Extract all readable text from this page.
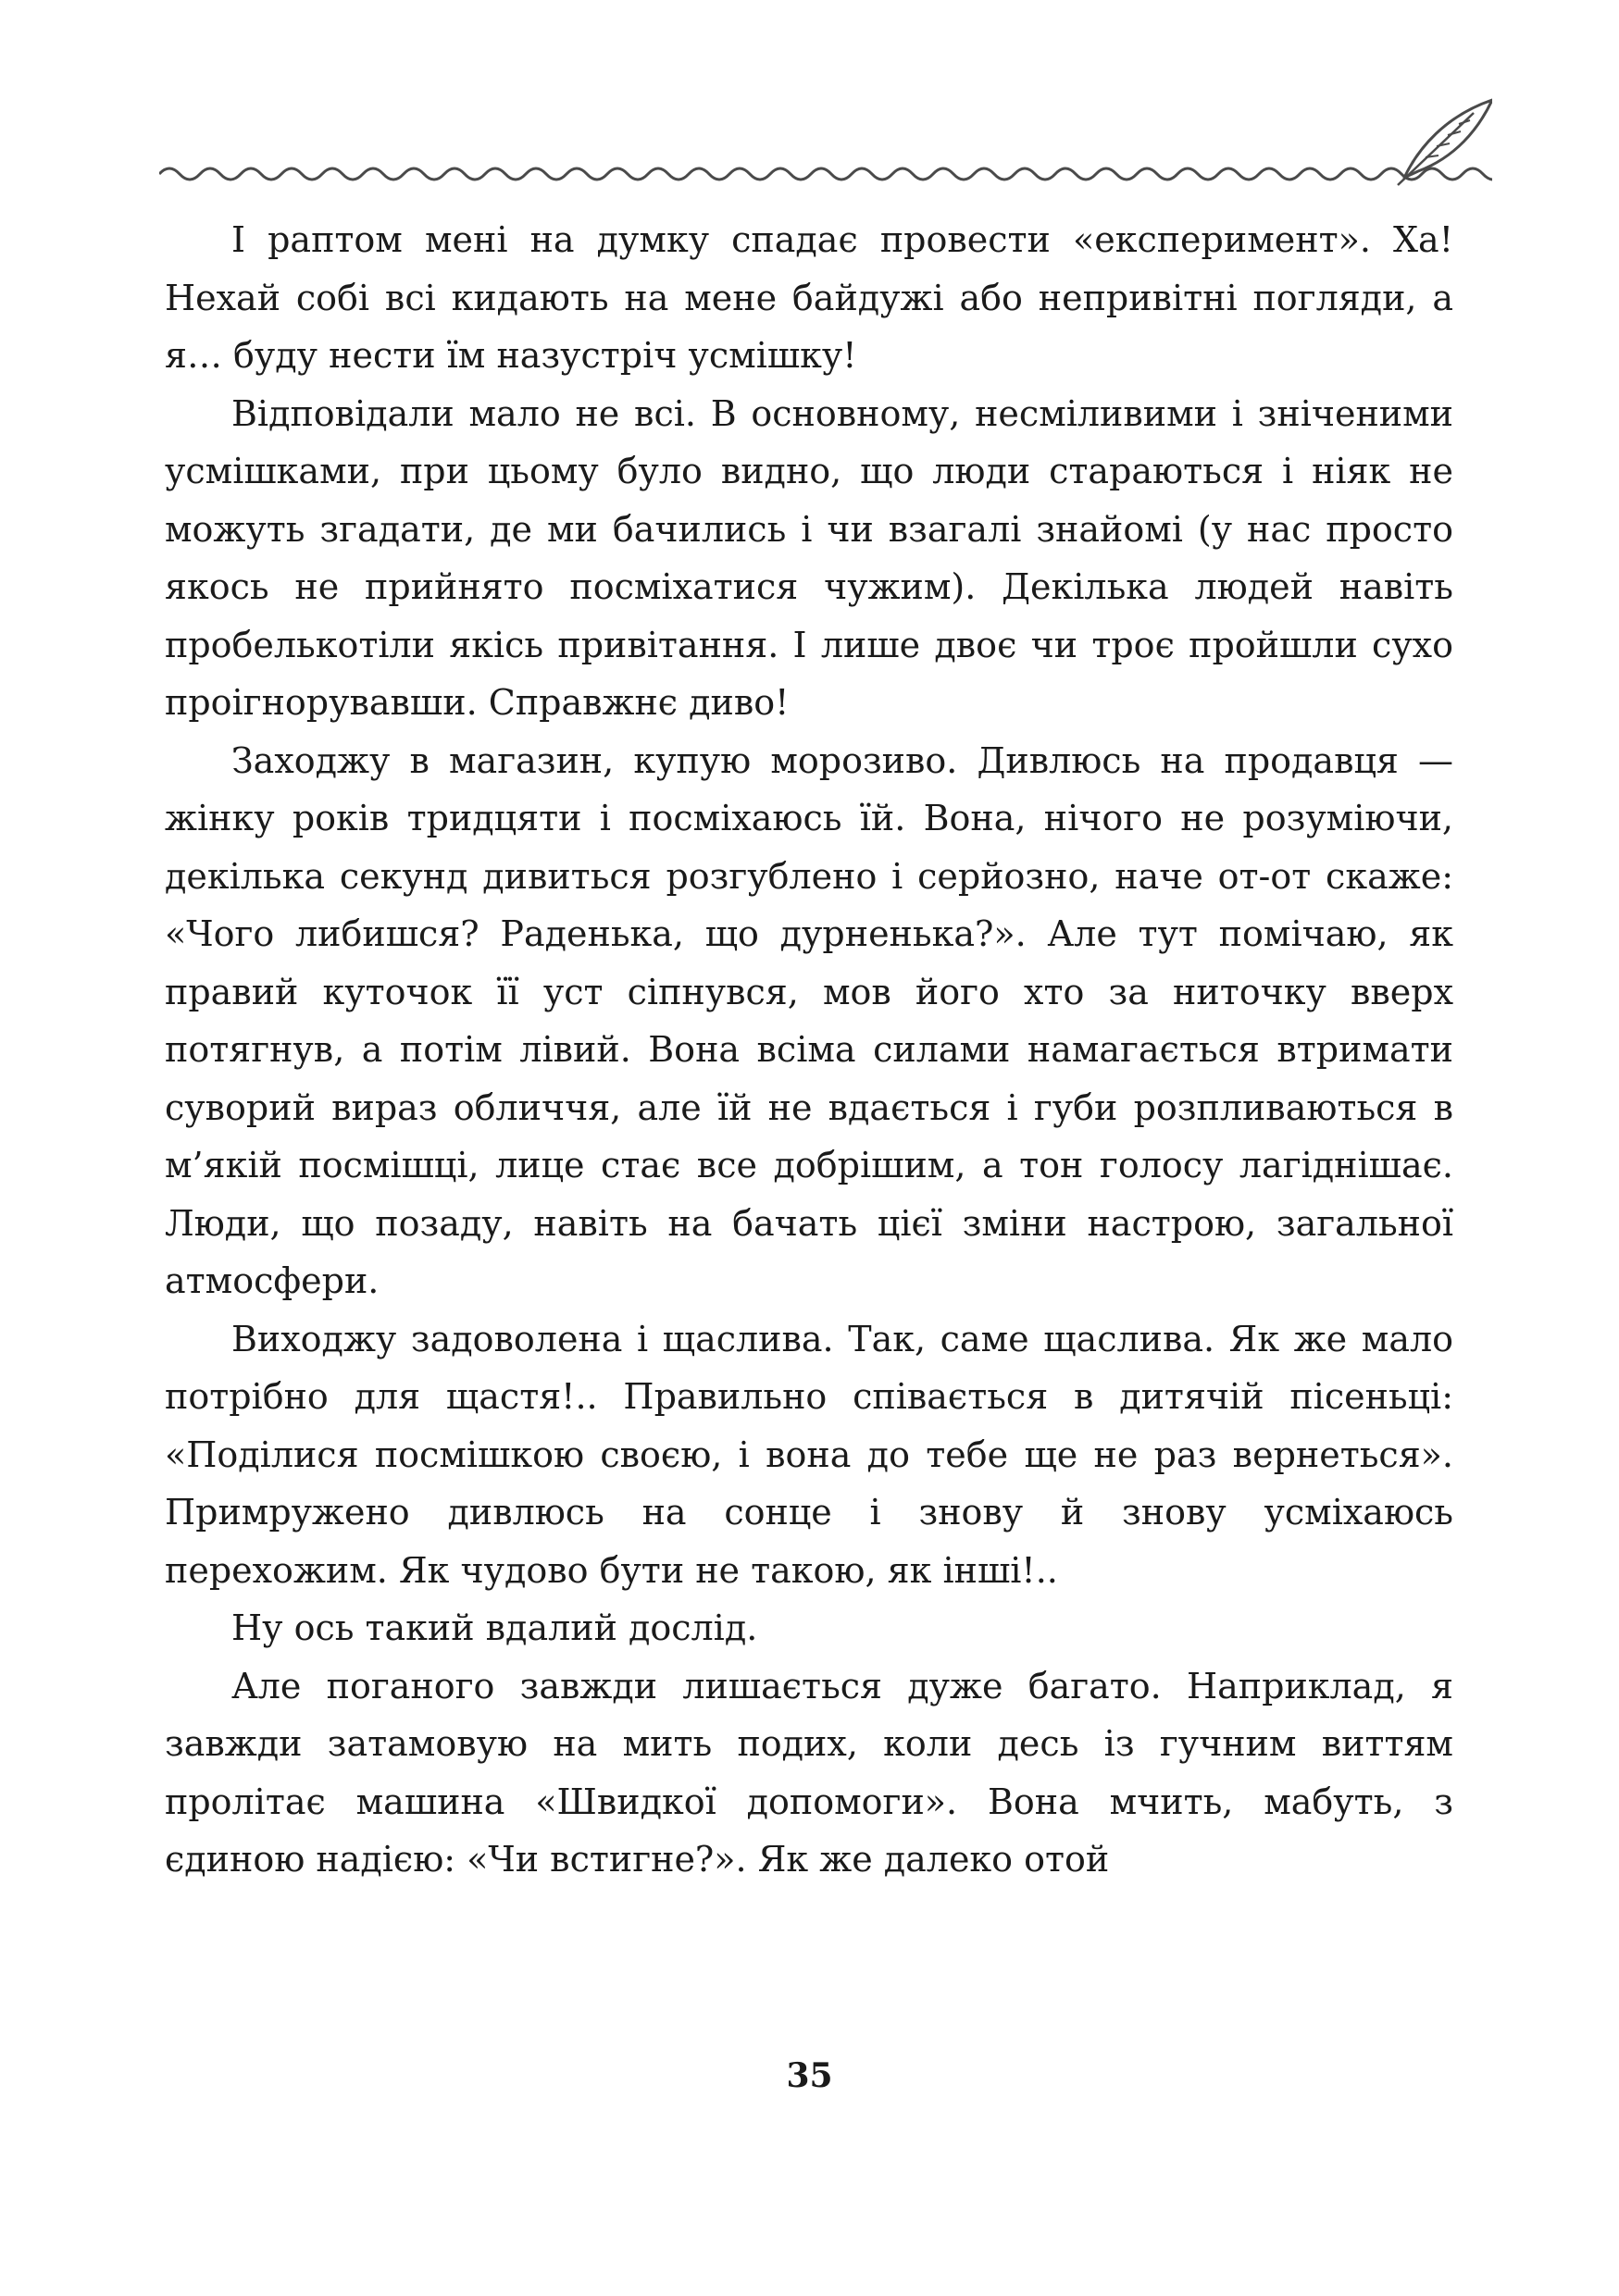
І раптом мені на думку спадає провести «експеримент». Ха! Нехай собі всі кидають на мене байдужі або непривітні погляди, а я… буду нести їм назустріч усмішку!

Відповідали мало не всі. В основному, несміливими і зніченими усмішками, при цьому було видно, що люди стараються і ніяк не можуть згадати, де ми бачились і чи взагалі знайомі (у нас просто якось не прийнято посміхатися чужим). Декілька людей навіть пробелькотіли якісь привітання. І лише двоє чи троє пройшли сухо проігнорувавши. Справжнє диво!

Заходжу в магазин, купую морозиво. Дивлюсь на продавця — жінку років тридцяти і посміхаюсь їй. Вона, нічого не розуміючи, декілька секунд дивиться розгублено і серйозно, наче от-от скаже: «Чого либишся? Раденька, що дурненька?». Але тут помічаю, як правий куточок її уст сіпнувся, мов його хто за ниточку вверх потягнув, а потім лівий. Вона всіма силами намагається втримати суворий вираз обличчя, але їй не вдається і губи розпливаються в м’якій посмішці, лице стає все добрішим, а тон голосу лагіднішає. Люди, що позаду, навіть на бачать цієї зміни настрою, загальної атмосфери.

Виходжу задоволена і щаслива. Так, саме щаслива. Як же мало потрібно для щастя!.. Правильно співається в дитячій пісеньці: «Поділися посмішкою своєю, і вона до тебе ще не раз вернеться». Примружено дивлюсь на сонце і знову й знову усміхаюсь перехожим. Як чудово бути не такою, як інші!..

Ну ось такий вдалий дослід.

Але поганого завжди лишається дуже багато. Наприклад, я завжди затамовую на мить подих, коли десь із гучним виттям пролітає машина «Швидкої допомоги». Вона мчить, мабуть, з єдиною надією: «Чи встигне?». Як же далеко отой

35
